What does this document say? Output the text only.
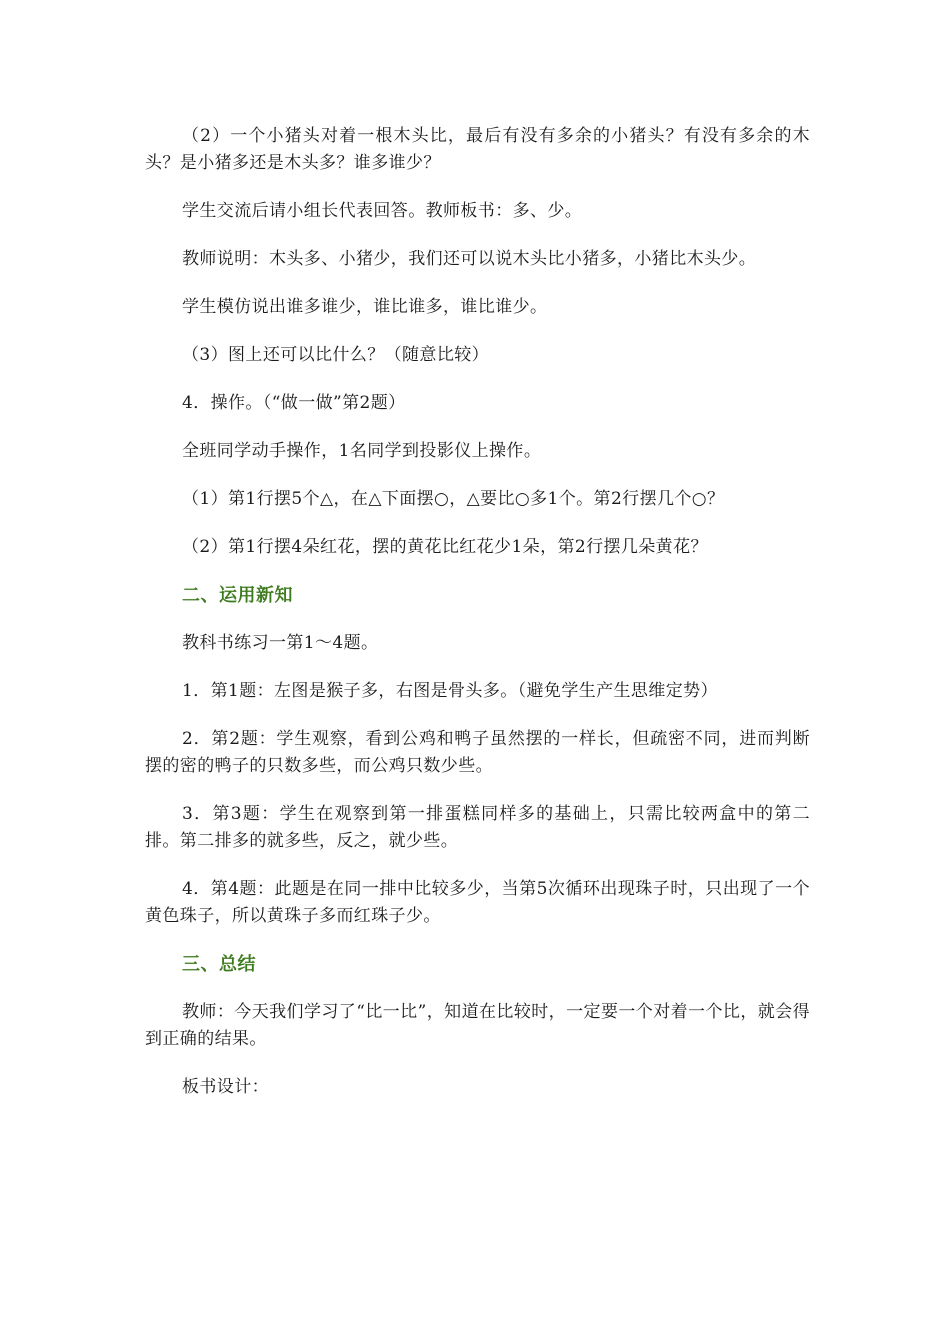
（2）一个小猪头对着一根木头比，最后有没有多余的小猪头？有没有多余的木头？是小猪多还是木头多？谁多谁少？

学生交流后请小组长代表回答。教师板书：多、少。

教师说明：木头多、小猪少，我们还可以说木头比小猪多，小猪比木头少。

学生模仿说出谁多谁少，谁比谁多，谁比谁少。

（3）图上还可以比什么？（随意比较）

4．操作。（“做一做”第2题）

全班同学动手操作，1名同学到投影仪上操作。

（1）第1行摆5个△，在△下面摆○，△要比○多1个。第2行摆几个○？

（2）第1行摆4朵红花，摆的黄花比红花少1朵，第2行摆几朵黄花？

二、运用新知

教科书练习一第1～4题。

1．第1题：左图是猴子多，右图是骨头多。（避免学生产生思维定势）

2．第2题：学生观察，看到公鸡和鸭子虽然摆的一样长，但疏密不同，进而判断摆的密的鸭子的只数多些，而公鸡只数少些。

3．第3题：学生在观察到第一排蛋糕同样多的基础上，只需比较两盒中的第二排。第二排多的就多些，反之，就少些。

4．第4题：此题是在同一排中比较多少，当第5次循环出现珠子时，只出现了一个黄色珠子，所以黄珠子多而红珠子少。

三、总结

教师：今天我们学习了“比一比”，知道在比较时，一定要一个对着一个比，就会得到正确的结果。

板书设计：
